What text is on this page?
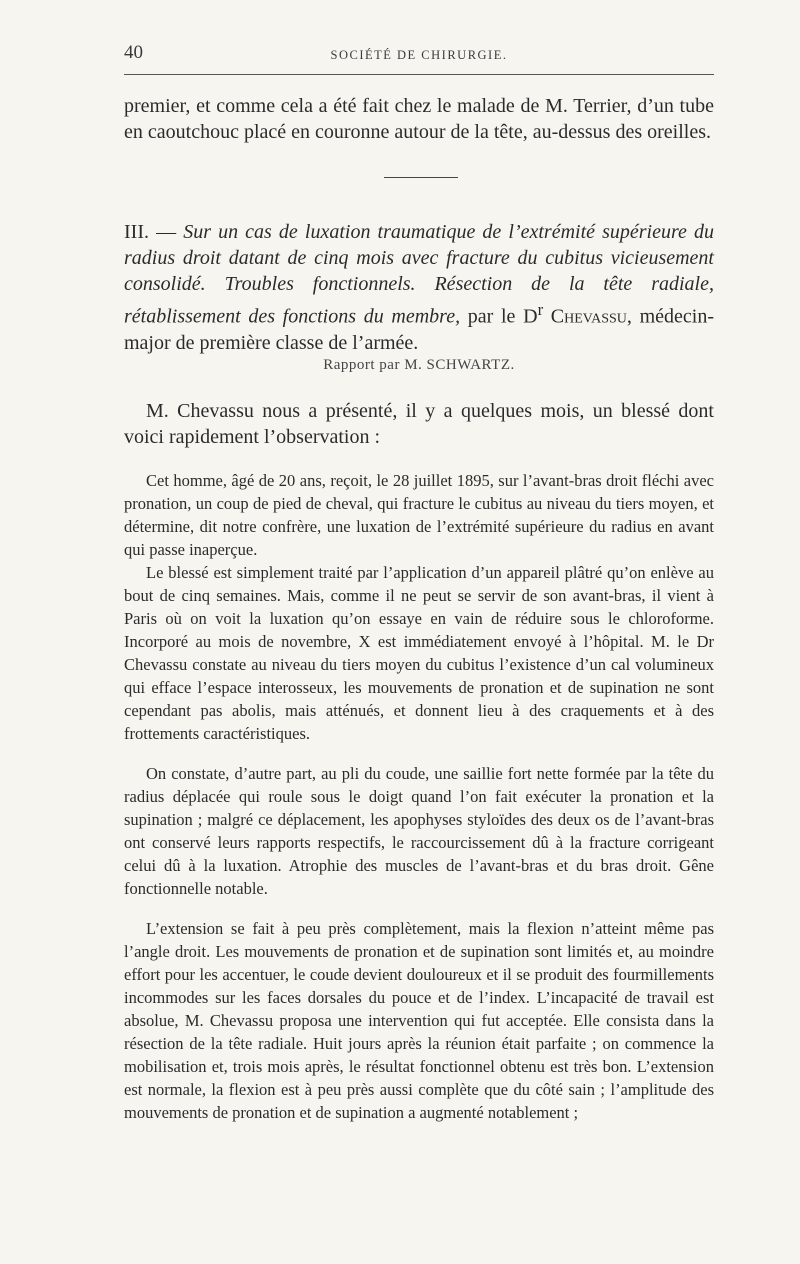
40	SOCIÉTÉ DE CHIRURGIE.

premier, et comme cela a été fait chez le malade de M. Terrier, d’un tube en caoutchouc placé en couronne autour de la tête, au-dessus des oreilles.

III. — Sur un cas de luxation traumatique de l’extrémité supérieure du radius droit datant de cinq mois avec fracture du cubitus vicieusement consolidé. Troubles fonctionnels. Résection de la tête radiale, rétablissement des fonctions du membre, par le $D^r$ Chevassu, médecin-major de première classe de l’armée.

Rapport par M. SCHWARTZ.

M. Chevassu nous a présenté, il y a quelques mois, un blessé dont voici rapidement l’observation :

Cet homme, âgé de 20 ans, reçoit, le 28 juillet 1895, sur l’avant-bras droit fléchi avec pronation, un coup de pied de cheval, qui fracture le cubitus au niveau du tiers moyen, et détermine, dit notre confrère, une luxation de l’extrémité supérieure du radius en avant qui passe inaperçue.

Le blessé est simplement traité par l’application d’un appareil plâtré qu’on enlève au bout de cinq semaines. Mais, comme il ne peut se servir de son avant-bras, il vient à Paris où on voit la luxation qu’on essaye en vain de réduire sous le chloroforme. Incorporé au mois de novembre, X est immédiatement envoyé à l’hôpital. M. le Dr Chevassu constate au niveau du tiers moyen du cubitus l’existence d’un cal volumineux qui efface l’espace interosseux, les mouvements de pronation et de supination ne sont cependant pas abolis, mais atténués, et donnent lieu à des craquements et à des frottements caractéristiques.

On constate, d’autre part, au pli du coude, une saillie fort nette formée par la tête du radius déplacée qui roule sous le doigt quand l’on fait exécuter la pronation et la supination ; malgré ce déplacement, les apophyses styloïdes des deux os de l’avant-bras ont conservé leurs rapports respectifs, le raccourcissement dû à la fracture corrigeant celui dû à la luxation. Atrophie des muscles de l’avant-bras et du bras droit. Gêne fonctionnelle notable.

L’extension se fait à peu près complètement, mais la flexion n’atteint même pas l’angle droit. Les mouvements de pronation et de supination sont limités et, au moindre effort pour les accentuer, le coude devient douloureux et il se produit des fourmillements incommodes sur les faces dorsales du pouce et de l’index. L’incapacité de travail est absolue, M. Chevassu proposa une intervention qui fut acceptée. Elle consista dans la résection de la tête radiale. Huit jours après la réunion était parfaite ; on commence la mobilisation et, trois mois après, le résultat fonctionnel obtenu est très bon. L’extension est normale, la flexion est à peu près aussi complète que du côté sain ; l’amplitude des mouvements de pronation et de supination a augmenté notablement ;
